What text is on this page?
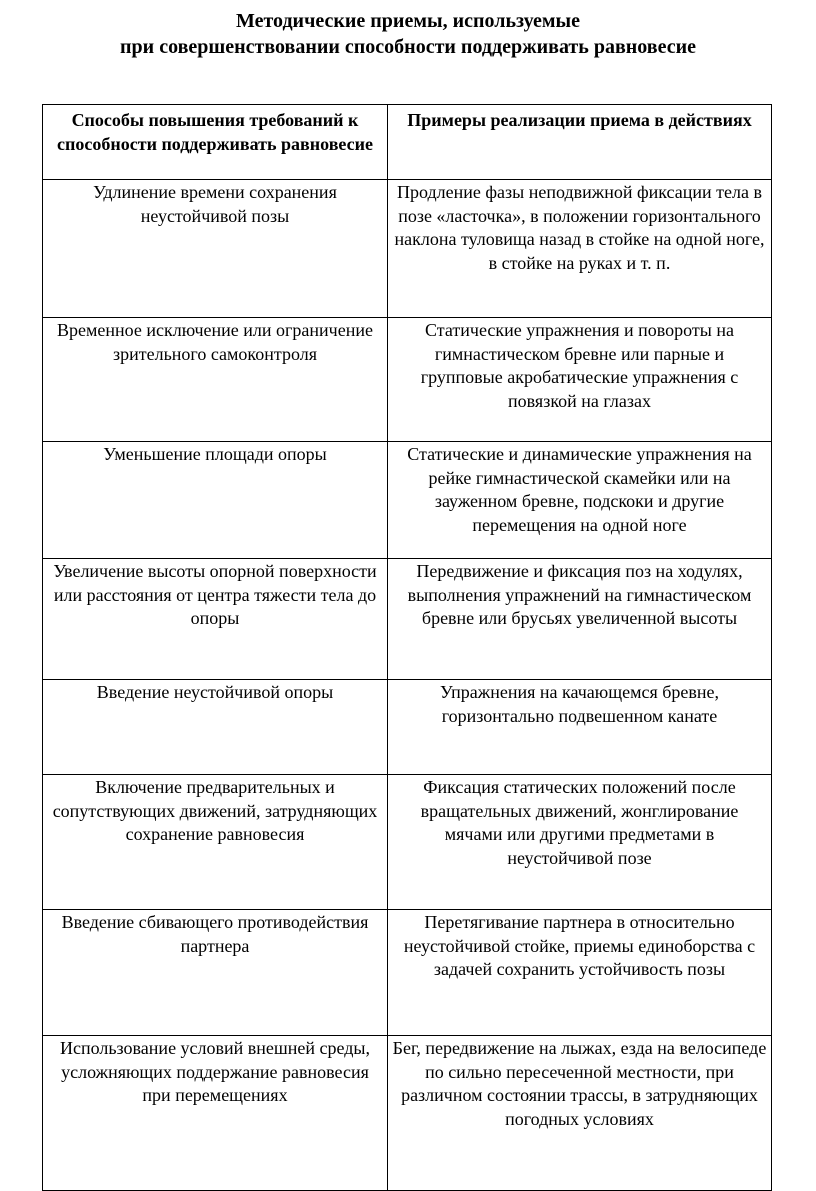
Методические приемы, используемые
при совершенствовании способности поддерживать равновесие
Способы повышения требований к способности поддерживать равновесие	Примеры реализации приема в действиях
Удлинение времени сохранения неустойчивой позы	Продление фазы неподвижной фиксации тела в позе «ласточка», в положении горизонтального наклона туловища назад в стойке на одной ноге, в стойке на руках и т. п.
Временное исключение или ограничение зрительного самоконтроля	Статические упражнения и повороты на гимнастическом бревне или парные и групповые акробатические упражнения с повязкой на глазах
Уменьшение площади опоры	Статические и динамические упражнения на рейке гимнастической скамейки или на зауженном бревне, подскоки и другие перемещения на одной ноге
Увеличение высоты опорной поверхности или расстояния от центра тяжести тела до опоры	Передвижение и фиксация поз на ходулях, выполнения упражнений на гимнастическом бревне или брусьях увеличенной высоты
Введение неустойчивой опоры	Упражнения на качающемся бревне, горизонтально подвешенном канате
Включение предварительных и сопутствующих движений, затрудняющих сохранение равновесия	Фиксация статических положений после вращательных движений, жонглирование мячами или другими предметами в неустойчивой позе
Введение сбивающего противодействия партнера	Перетягивание партнера в относительно неустойчивой стойке, приемы единоборства с задачей сохранить устойчивость позы
Использование условий внешней среды, усложняющих поддержание равновесия при перемещениях	Бег, передвижение на лыжах, езда на велосипеде по сильно пересеченной местности, при различном состоянии трассы, в затрудняющих погодных условиях
